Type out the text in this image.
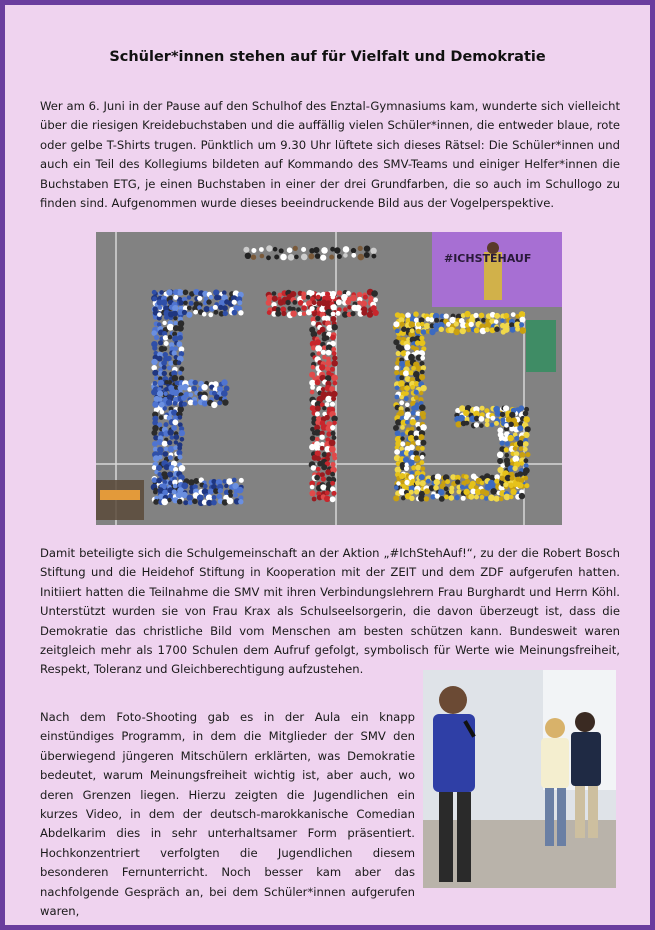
Schüler*innen stehen auf für Vielfalt und Demokratie

Wer am 6. Juni in der Pause auf den Schulhof des Enztal-Gymnasiums kam, wunderte sich vielleicht über die riesigen Kreidebuchstaben und die auffällig vielen Schüler*innen, die entweder blaue, rote oder gelbe T-Shirts trugen. Pünktlich um 9.30 Uhr lüftete sich dieses Rätsel: Die Schüler*innen und auch ein Teil des Kollegiums bildeten auf Kommando des SMV-Teams und einiger Helfer*innen die Buchstaben ETG, je einen Buchstaben in einer der drei Grundfarben, die so auch im Schullogo zu finden sind. Aufgenommen wurde dieses beeindruckende Bild aus der Vogelperspektive.

#ICHSTEHAUF

Damit beteiligte sich die Schulgemeinschaft an der Aktion „#IchStehAuf!“, zu der die Robert Bosch Stiftung und die Heidehof Stiftung in Kooperation mit der ZEIT und dem ZDF aufgerufen hatten. Initiiert hatten die Teilnahme die SMV mit ihren Verbindungslehrern Frau Burghardt und Herrn Köhl. Unterstützt wurden sie von Frau Krax als Schulseelsorgerin, die davon überzeugt ist, dass die Demokratie das christliche Bild vom Menschen am besten schützen kann. Bundesweit waren zeitgleich mehr als 1700 Schulen dem Aufruf gefolgt, symbolisch für Werte wie Meinungsfreiheit, Respekt, Toleranz und Gleichberechtigung aufzustehen.

Nach dem Foto-Shooting gab es in der Aula ein knapp einstündiges Programm, in dem die Mitglieder der SMV den überwiegend jüngeren Mitschülern erklärten, was Demokratie bedeutet, warum Meinungsfreiheit wichtig ist, aber auch, wo deren Grenzen liegen. Hierzu zeigten die Jugendlichen ein kurzes Video, in dem der deutsch-marokkanische Comedian Abdelkarim dies in sehr unterhaltsamer Form präsentiert. Hochkonzentriert verfolgten die Jugendlichen diesem besonderen Fernunterricht. Noch besser kam aber das nachfolgende Gespräch an, bei dem Schüler*innen aufgerufen waren,
